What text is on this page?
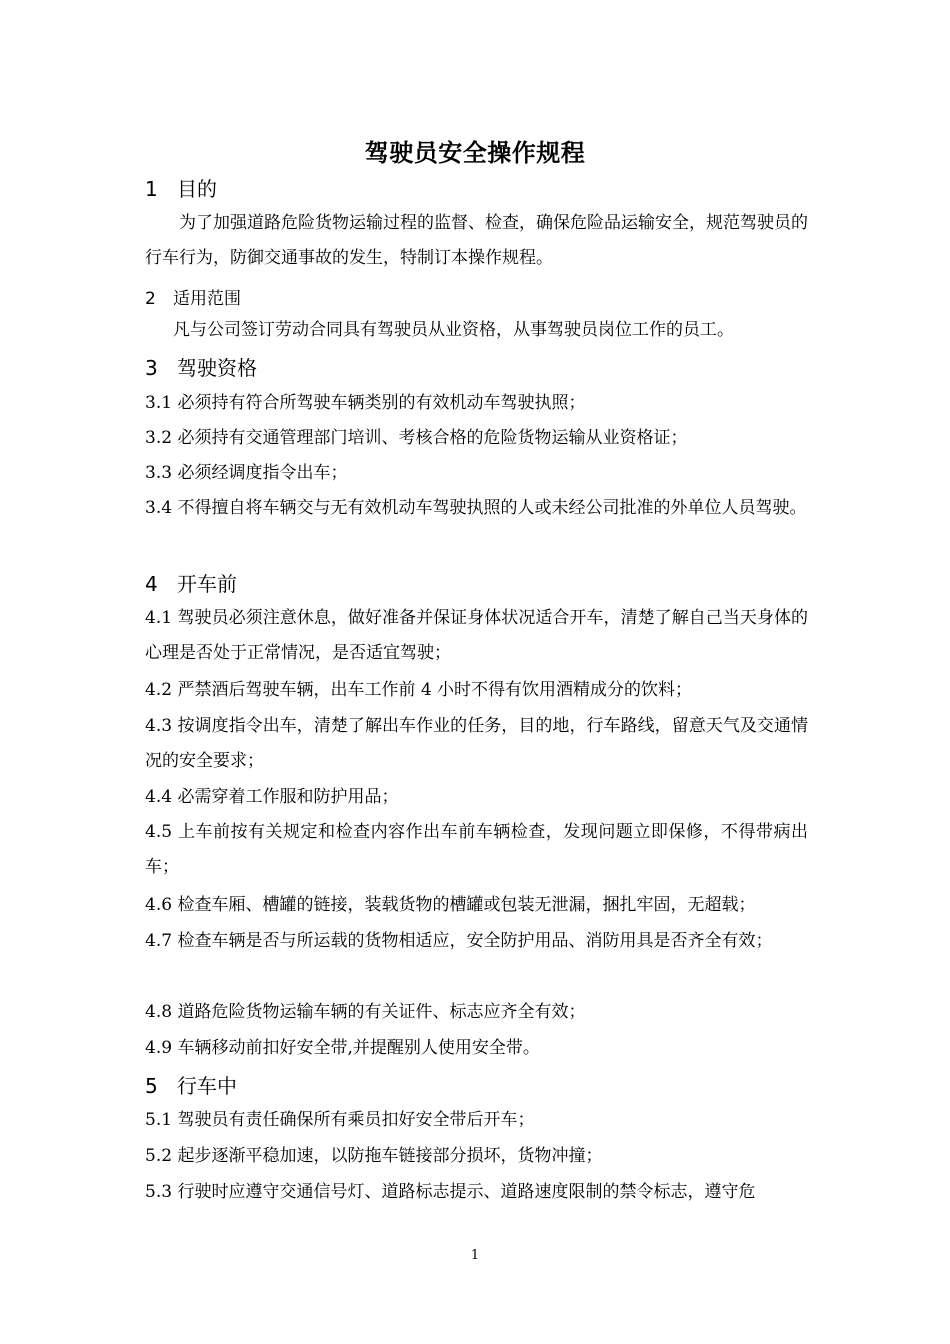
驾驶员安全操作规程
1 目的
为了加强道路危险货物运输过程的监督、检查，确保危险品运输安全，规范驾驶员的行车行为，防御交通事故的发生，特制订本操作规程。
2 适用范围
凡与公司签订劳动合同具有驾驶员从业资格，从事驾驶员岗位工作的员工。
3 驾驶资格
3.1 必须持有符合所驾驶车辆类别的有效机动车驾驶执照；
3.2 必须持有交通管理部门培训、考核合格的危险货物运输从业资格证；
3.3 必须经调度指令出车；
3.4 不得擅自将车辆交与无有效机动车驾驶执照的人或未经公司批准的外单位人员驾驶。
4 开车前
4.1 驾驶员必须注意休息，做好准备并保证身体状况适合开车，清楚了解自己当天身体的心理是否处于正常情况，是否适宜驾驶；
4.2 严禁酒后驾驶车辆，出车工作前 4 小时不得有饮用酒精成分的饮料；
4.3 按调度指令出车，清楚了解出车作业的任务，目的地，行车路线，留意天气及交通情况的安全要求；
4.4 必需穿着工作服和防护用品；
4.5 上车前按有关规定和检查内容作出车前车辆检查，发现问题立即保修，不得带病出车；
4.6 检查车厢、槽罐的链接，装载货物的槽罐或包装无泄漏，捆扎牢固，无超载；
4.7 检查车辆是否与所运载的货物相适应，安全防护用品、消防用具是否齐全有效；
4.8 道路危险货物运输车辆的有关证件、标志应齐全有效；
4.9 车辆移动前扣好安全带,并提醒别人使用安全带。
5 行车中
5.1 驾驶员有责任确保所有乘员扣好安全带后开车；
5.2 起步逐渐平稳加速，以防拖车链接部分损坏，货物冲撞；
5.3 行驶时应遵守交通信号灯、道路标志提示、道路速度限制的禁令标志，遵守危
1
